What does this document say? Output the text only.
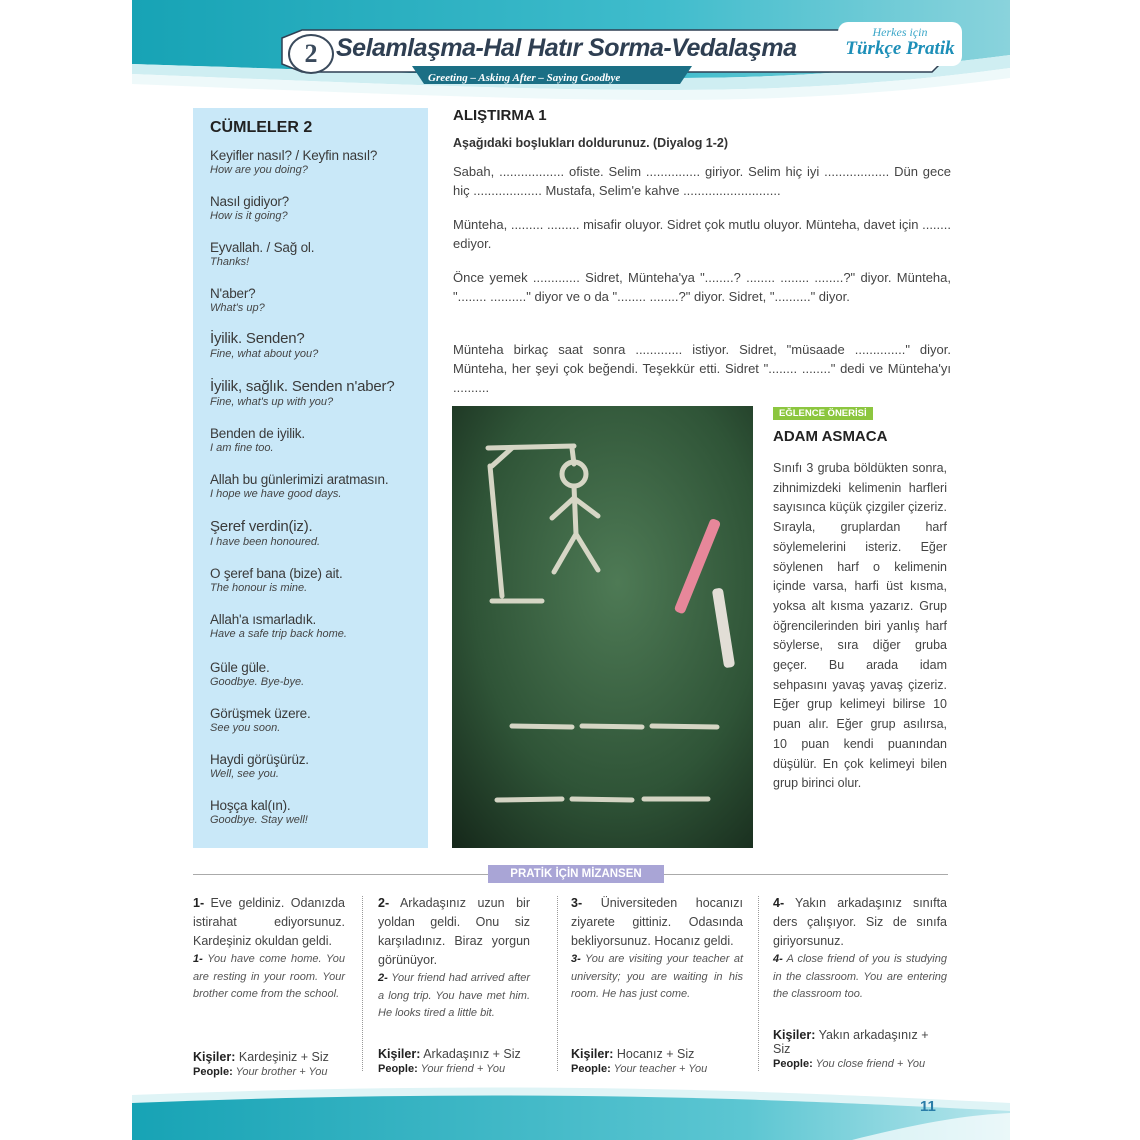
2 Selamlaşma-Hal Hatır Sorma-Vedalaşma
Greeting – Asking After – Saying Goodbye
Herkes için
Türkçe Pratik
CÜMLELER 2
Keyifler nasıl? / Keyfin nasıl?
How are you doing?
Nasıl gidiyor?
How is it going?
Eyvallah. / Sağ ol.
Thanks!
N'aber?
What's up?
İyilik. Senden?
Fine, what about you?
İyilik, sağlık. Senden n'aber?
Fine, what's up with you?
Benden de iyilik.
I am fine too.
Allah bu günlerimizi aratmasın.
I hope we have good days.
Şeref verdin(iz).
I have been honoured.
O şeref bana (bize) ait.
The honour is mine.
Allah'a ısmarladık.
Have a safe trip back home.
Güle güle.
Goodbye. Bye-bye.
Görüşmek üzere.
See you soon.
Haydi görüşürüz.
Well, see you.
Hoşça kal(ın).
Goodbye. Stay well!
ALIŞTIRMA 1
Aşağıdaki boşlukları doldurunuz. (Diyalog 1-2)
Sabah, .................. ofiste. Selim ............... giriyor. Selim hiç iyi .................. Dün gece hiç ................... Mustafa, Selim'e kahve ...........................
Münteha, ......... ......... misafir oluyor. Sidret çok mutlu oluyor. Münteha, davet için ........ ediyor.
Önce yemek ............. Sidret, Münteha'ya "........? ........ ........ ........?" diyor. Münteha, "........ .........." diyor ve o da "........ ........?" diyor. Sidret, ".........." diyor.
Münteha birkaç saat sonra ............. istiyor. Sidret, "müsaade .............." diyor. Münteha, her şeyi çok beğendi. Teşekkür etti. Sidret "........ ........" dedi ve Münteha'yı ..........
EĞLENCE ÖNERİSİ
ADAM ASMACA
Sınıfı 3 gruba böldükten sonra, zihnimizdeki kelimenin harfleri sayısınca küçük çizgiler çizeriz. Sırayla, gruplardan harf söylemelerini isteriz. Eğer söylenen harf o kelimenin içinde varsa, harfi üst kısma, yoksa alt kısma yazarız. Grup öğrencilerinden biri yanlış harf söylerse, sıra diğer gruba geçer. Bu arada idam sehpasını yavaş yavaş çizeriz. Eğer grup kelimeyi bilirse 10 puan alır. Eğer grup asılırsa, 10 puan kendi puanından düşülür. En çok kelimeyi bilen grup birinci olur.
PRATİK İÇİN MİZANSEN
1- Eve geldiniz. Odanızda istirahat ediyorsunuz. Kardeşiniz okuldan geldi.
1- You have come home. You are resting in your room. Your brother come from the school.
2- Arkadaşınız uzun bir yoldan geldi. Onu siz karşıladınız. Biraz yorgun görünüyor.
2- Your friend had arrived after a long trip. You have met him. He looks tired a little bit.
3- Üniversiteden hocanızı ziyarete gittiniz. Odasında bekliyorsunuz. Hocanız geldi.
3- You are visiting your teacher at university; you are waiting in his room. He has just come.
4- Yakın arkadaşınız sınıfta ders çalışıyor. Siz de sınıfa giriyorsunuz.
4- A close friend of you is studying in the classroom. You are entering the classroom too.
Kişiler: Kardeşiniz + Siz
People: Your brother + You
Kişiler: Arkadaşınız + Siz
People: Your friend + You
Kişiler: Hocanız + Siz
People: Your teacher + You
Kişiler: Yakın arkadaşınız + Siz
People: You close friend + You
11
